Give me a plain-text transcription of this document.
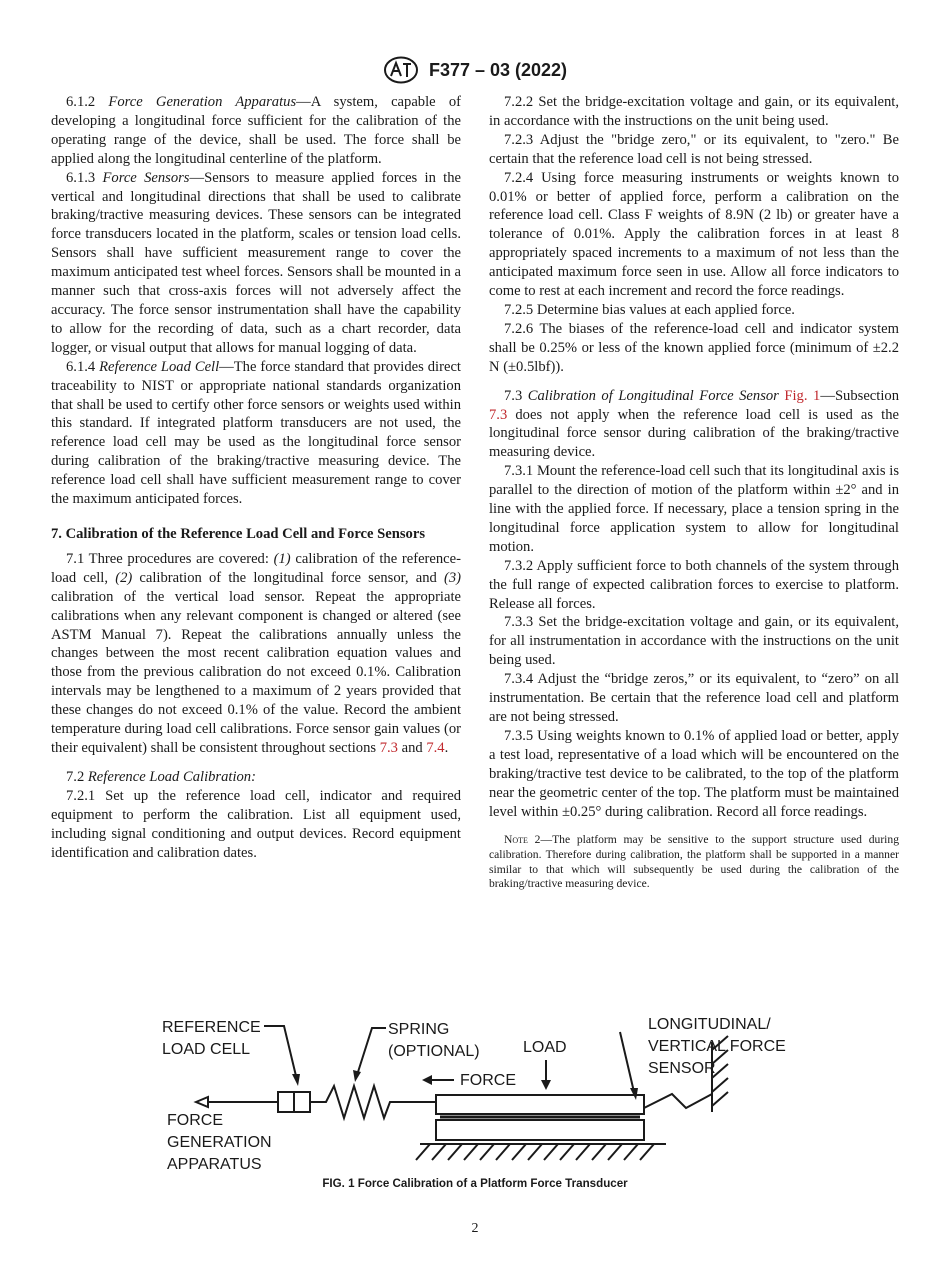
F377 – 03 (2022)

6.1.2 Force Generation Apparatus—A system, capable of developing a longitudinal force sufficient for the calibration of the operating range of the device, shall be used. The force shall be applied along the longitudinal centerline of the platform.

6.1.3 Force Sensors—Sensors to measure applied forces in the vertical and longitudinal directions that shall be used to calibrate braking/tractive measuring devices. These sensors can be integrated force transducers located in the platform, scales or tension load cells. Sensors shall have sufficient measurement range to cover the maximum anticipated test wheel forces. Sensors shall be mounted in a manner such that cross-axis forces will not adversely affect the accuracy. The force sensor instrumentation shall have the capability to allow for the recording of data, such as a chart recorder, data logger, or visual output that allows for manual logging of data.

6.1.4 Reference Load Cell—The force standard that provides direct traceability to NIST or appropriate national standards organization that shall be used to certify other force sensors or weights used within this standard. If integrated platform transducers are not used, the reference load cell may be used as the longitudinal force sensor during calibration of the braking/tractive measuring device. The reference load cell shall have sufficient measurement range to cover the maximum anticipated forces.

7. Calibration of the Reference Load Cell and Force Sensors

7.1 Three procedures are covered: (1) calibration of the reference-load cell, (2) calibration of the longitudinal force sensor, and (3) calibration of the vertical load sensor. Repeat the appropriate calibrations when any relevant component is changed or altered (see ASTM Manual 7). Repeat the calibrations annually unless the changes between the most recent calibration equation values and those from the previous calibration do not exceed 0.1%. Calibration intervals may be lengthened to a maximum of 2 years provided that these changes do not exceed 0.1% of the value. Record the ambient temperature during load cell calibrations. Force sensor gain values (or their equivalent) shall be consistent throughout sections 7.3 and 7.4.

7.2 Reference Load Calibration:

7.2.1 Set up the reference load cell, indicator and required equipment to perform the calibration. List all equipment used, including signal conditioning and output devices. Record equipment identification and calibration dates.

7.2.2 Set the bridge-excitation voltage and gain, or its equivalent, in accordance with the instructions on the unit being used.

7.2.3 Adjust the "bridge zero," or its equivalent, to "zero." Be certain that the reference load cell is not being stressed.

7.2.4 Using force measuring instruments or weights known to 0.01% or better of applied force, perform a calibration on the reference load cell. Class F weights of 8.9N (2 lb) or greater have a tolerance of 0.01%. Apply the calibration forces in at least 8 appropriately spaced increments to a maximum of not less than the anticipated maximum force seen in use. Allow all force indicators to come to rest at each increment and record the force readings.

7.2.5 Determine bias values at each applied force.

7.2.6 The biases of the reference-load cell and indicator system shall be 0.25% or less of the known applied force (minimum of ±2.2 N (±0.5lbf)).

7.3 Calibration of Longitudinal Force Sensor Fig. 1—Subsection 7.3 does not apply when the reference load cell is used as the longitudinal force sensor during calibration of the braking/tractive measuring device.

7.3.1 Mount the reference-load cell such that its longitudinal axis is parallel to the direction of motion of the platform within ±2° and in line with the applied force. If necessary, place a tension spring in the longitudinal force application system to allow for longitudinal motion.

7.3.2 Apply sufficient force to both channels of the system through the full range of expected calibration forces to exercise to platform. Release all forces.

7.3.3 Set the bridge-excitation voltage and gain, or its equivalent, for all instrumentation in accordance with the instructions on the unit being used.

7.3.4 Adjust the “bridge zeros,” or its equivalent, to “zero” on all instrumentation. Be certain that the reference load cell and platform are not being stressed.

7.3.5 Using weights known to 0.1% of applied load or better, apply a test load, representative of a load which will be encountered on the braking/tractive test device to be calibrated, to the top of the platform near the geometric center of the top. The platform must be maintained level within ±0.25° during calibration. Record all force readings.

Note 2—The platform may be sensitive to the support structure used during calibration. Therefore during calibration, the platform shall be supported in a manner similar to that which will subsequently be used during the calibration of the braking/tractive measuring device.

REFERENCE
LOAD CELL
SPRING
(OPTIONAL)	LOAD
LONGITUDINAL/
VERTICAL FORCE
SENSOR
FORCE
FORCE
GENERATION
APPARATUS
FIG. 1 Force Calibration of a Platform Force Transducer
2
